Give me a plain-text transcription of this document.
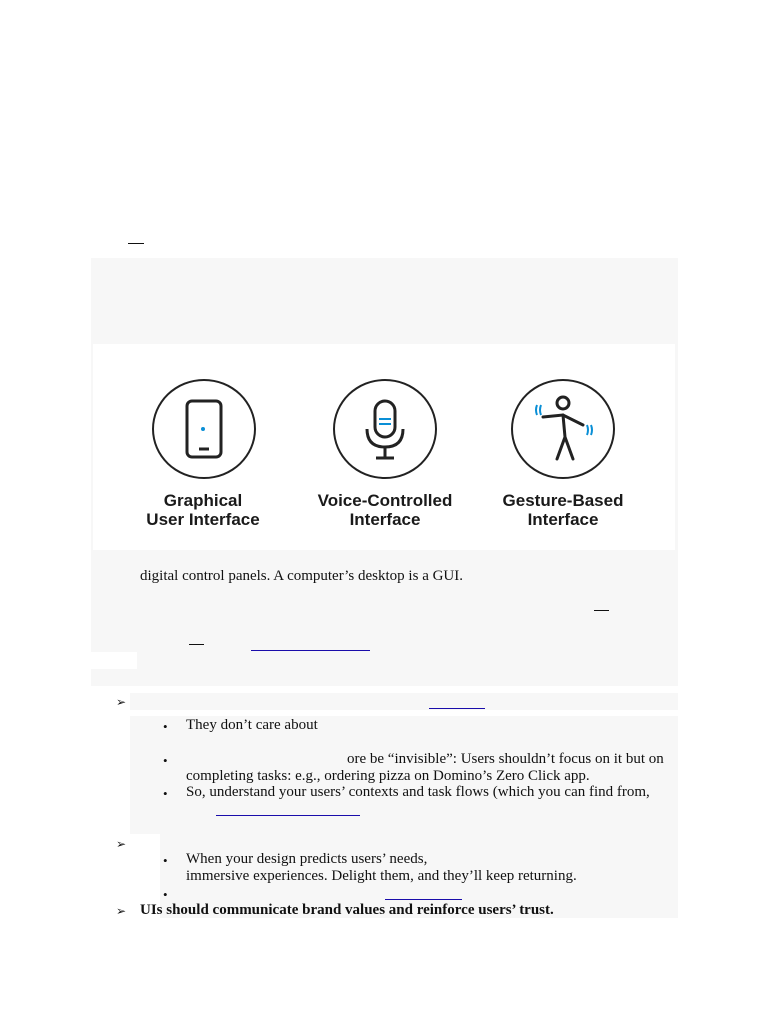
Graphical
User Interface
Voice-Controlled
Interface
Gesture-Based
Interface
digital control panels. A computer’s desktop is a GUI.
➢
• They don’t care about
•	ore be “invisible”: Users shouldn’t focus on it but on
completing tasks: e.g., ordering pizza on Domino’s Zero Click app.
• So, understand your users’ contexts and task flows (which you can find from,
➢
• When your design predicts users’ needs,
immersive experiences. Delight them, and they’ll keep returning.
•
➢ UIs should communicate brand values and reinforce users’ trust.
